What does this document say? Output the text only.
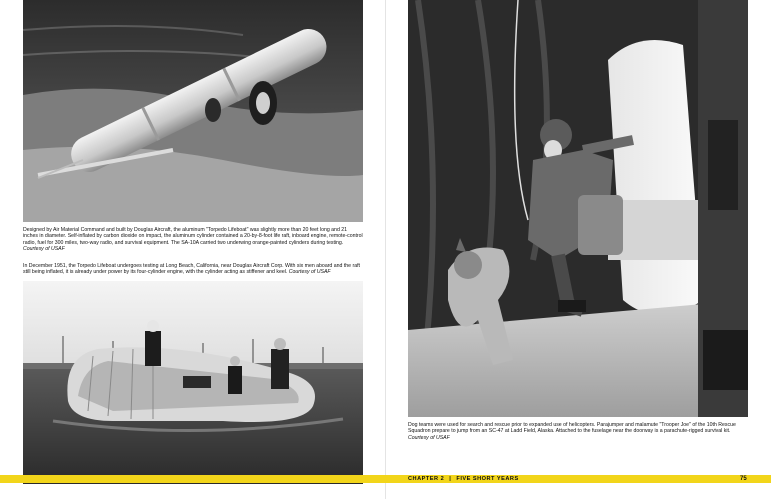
Designed by Air Material Command and built by Douglas Aircraft, the aluminum "Torpedo Lifeboat" was slightly more than 20 feet long and 21 inches in diameter. Self-inflated by carbon dioxide on impact, the aluminum cylinder contained a 20-by-8-foot life raft, inboard engine, remote-control radio, fuel for 300 miles, two-way radio, and survival equipment. The SA-10A carried two underwing orange-painted cylinders during testing. Courtesy of USAF

In December 1951, the Torpedo Lifeboat undergoes testing at Long Beach, California, near Douglas Aircraft Corp. With six men aboard and the raft still being inflated, it is already under power by its four-cylinder engine, with the cylinder acting as stiffener and keel. Courtesy of USAF

Dog teams were used for search and rescue prior to expanded use of helicopters. Parajumper and malamute "Trooper Joe" of the 10th Rescue Squadron prepare to jump from an SC-47 at Ladd Field, Alaska. Attached to the fuselage near the doorway is a parachute-rigged survival kit. Courtesy of USAF

CHAPTER 2 | FIVE SHORT YEARS	75
